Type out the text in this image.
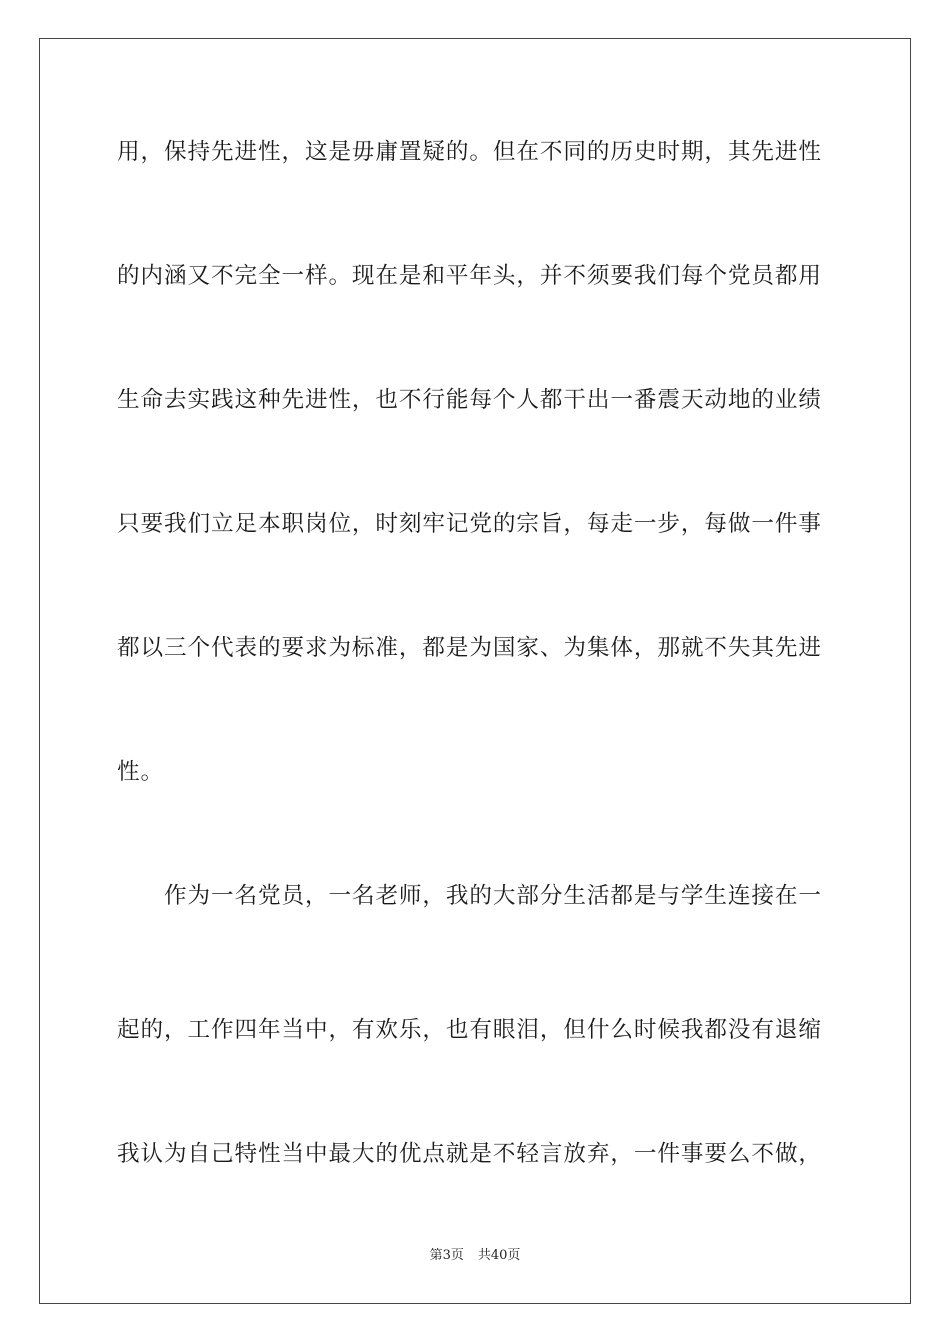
用，保持先进性，这是毋庸置疑的。但在不同的历史时期，其先进性
的内涵又不完全一样。现在是和平年头，并不须要我们每个党员都用
生命去实践这种先进性，也不行能每个人都干出一番震天动地的业绩
只要我们立足本职岗位，时刻牢记党的宗旨，每走一步，每做一件事
都以三个代表的要求为标准，都是为国家、为集体，那就不失其先进
性。
作为一名党员，一名老师，我的大部分生活都是与学生连接在一
起的，工作四年当中，有欢乐，也有眼泪，但什么时候我都没有退缩
我认为自己特性当中最大的优点就是不轻言放弃，一件事要么不做，
第3页 共40页
